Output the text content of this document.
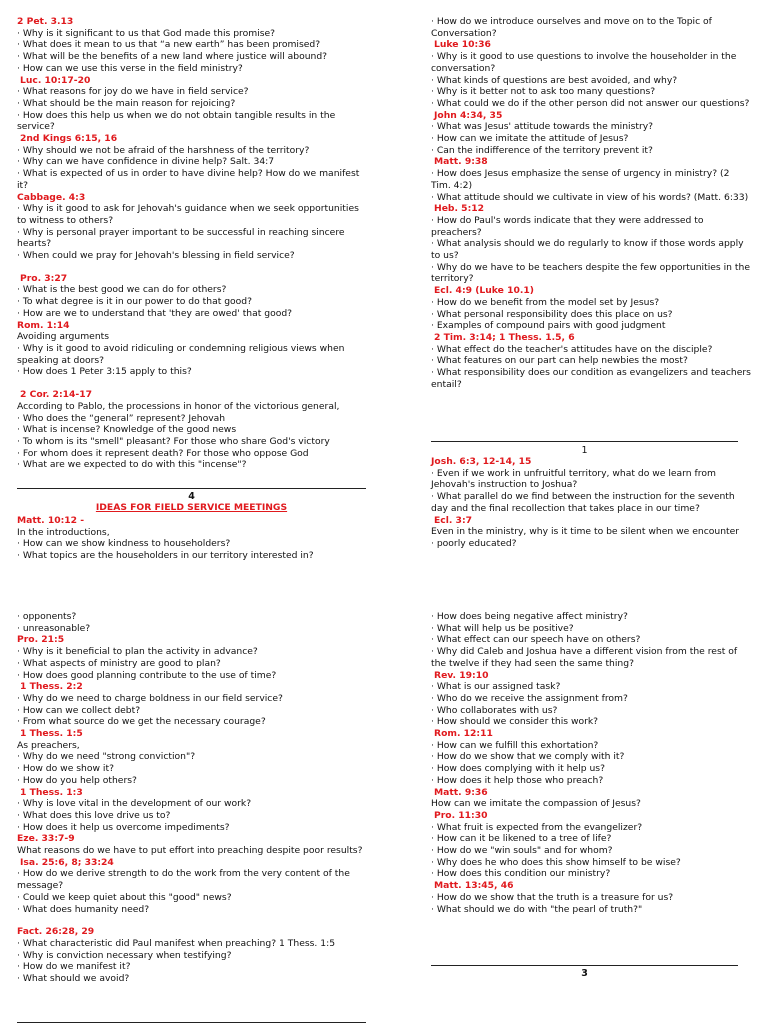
2 Pet. 3.13
· Why is it significant to us that God made this promise?
· What does it mean to us that “a new earth” has been promised?
· What will be the benefits of a new land where justice will abound?
· How can we use this verse in the field ministry?
Luc. 10:17-20
· What reasons for joy do we have in field service?
· What should be the main reason for rejoicing?
· How does this help us when we do not obtain tangible results in the service?
2nd Kings 6:15, 16
· Why should we not be afraid of the harshness of the territory?
· Why can we have confidence in divine help? Salt. 34:7
· What is expected of us in order to have divine help? How do we manifest it?
Cabbage. 4:3
· Why is it good to ask for Jehovah's guidance when we seek opportunities to witness to others?
· Why is personal prayer important to be successful in reaching sincere hearts?
· When could we pray for Jehovah's blessing in field service?
Pro. 3:27
· What is the best good we can do for others?
· To what degree is it in our power to do that good?
· How are we to understand that 'they are owed' that good?
Rom. 1:14
Avoiding arguments
· Why is it good to avoid ridiculing or condemning religious views when speaking at doors?
· How does 1 Peter 3:15 apply to this?
2 Cor. 2:14-17
According to Pablo, the processions in honor of the victorious general,
· Who does the “general” represent? Jehovah
· What is incense? Knowledge of the good news
· To whom is its "smell" pleasant? For those who share God's victory
· For whom does it represent death? For those who oppose God
· What are we expected to do with this "incense"?
4
IDEAS FOR FIELD SERVICE MEETINGS
Matt. 10:12 -
In the introductions,
· How can we show kindness to householders?
· What topics are the householders in our territory interested in?
· How do we introduce ourselves and move on to the Topic of Conversation?
Luke 10:36
· Why is it good to use questions to involve the householder in the conversation?
· What kinds of questions are best avoided, and why?
· Why is it better not to ask too many questions?
· What could we do if the other person did not answer our questions?
John 4:34, 35
· What was Jesus' attitude towards the ministry?
· How can we imitate the attitude of Jesus?
· Can the indifference of the territory prevent it?
Matt. 9:38
· How does Jesus emphasize the sense of urgency in ministry? (2 Tim. 4:2)
· What attitude should we cultivate in view of his words? (Matt. 6:33)
Heb. 5:12
· How do Paul's words indicate that they were addressed to preachers?
· What analysis should we do regularly to know if those words apply to us?
· Why do we have to be teachers despite the few opportunities in the territory?
Ecl. 4:9 (Luke 10.1)
· How do we benefit from the model set by Jesus?
· What personal responsibility does this place on us?
· Examples of compound pairs with good judgment
2 Tim. 3:14; 1 Thess. 1.5, 6
· What effect do the teacher's attitudes have on the disciple?
· What features on our part can help newbies the most?
· What responsibility does our condition as evangelizers and teachers entail?
1
Josh. 6:3, 12-14, 15
· Even if we work in unfruitful territory, what do we learn from Jehovah's instruction to Joshua?
· What parallel do we find between the instruction for the seventh day and the final recollection that takes place in our time?
Ecl. 3:7
Even in the ministry, why is it time to be silent when we encounter
· poorly educated?
· opponents?
· unreasonable?
Pro. 21:5
· Why is it beneficial to plan the activity in advance?
· What aspects of ministry are good to plan?
· How does good planning contribute to the use of time?
1 Thess. 2:2
· Why do we need to charge boldness in our field service?
· How can we collect debt?
· From what source do we get the necessary courage?
1 Thess. 1:5
As preachers,
· Why do we need "strong conviction"?
· How do we show it?
· How do you help others?
1 Thess. 1:3
· Why is love vital in the development of our work?
· What does this love drive us to?
· How does it help us overcome impediments?
Eze. 33:7-9
What reasons do we have to put effort into preaching despite poor results?
Isa. 25:6, 8; 33:24
· How do we derive strength to do the work from the very content of the message?
· Could we keep quiet about this "good" news?
· What does humanity need?
Fact. 26:28, 29
· What characteristic did Paul manifest when preaching? 1 Thess. 1:5
· Why is conviction necessary when testifying?
· How do we manifest it?
· What should we avoid?
· How does being negative affect ministry?
· What will help us be positive?
· What effect can our speech have on others?
· Why did Caleb and Joshua have a different vision from the rest of the twelve if they had seen the same thing?
Rev. 19:10
· What is our assigned task?
· Who do we receive the assignment from?
· Who collaborates with us?
· How should we consider this work?
Rom. 12:11
· How can we fulfill this exhortation?
· How do we show that we comply with it?
· How does complying with it help us?
· How does it help those who preach?
Matt. 9:36
How can we imitate the compassion of Jesus?
Pro. 11:30
· What fruit is expected from the evangelizer?
· How can it be likened to a tree of life?
· How do we "win souls" and for whom?
· Why does he who does this show himself to be wise?
· How does this condition our ministry?
Matt. 13:45, 46
· How do we show that the truth is a treasure for us?
· What should we do with "the pearl of truth?"
3
